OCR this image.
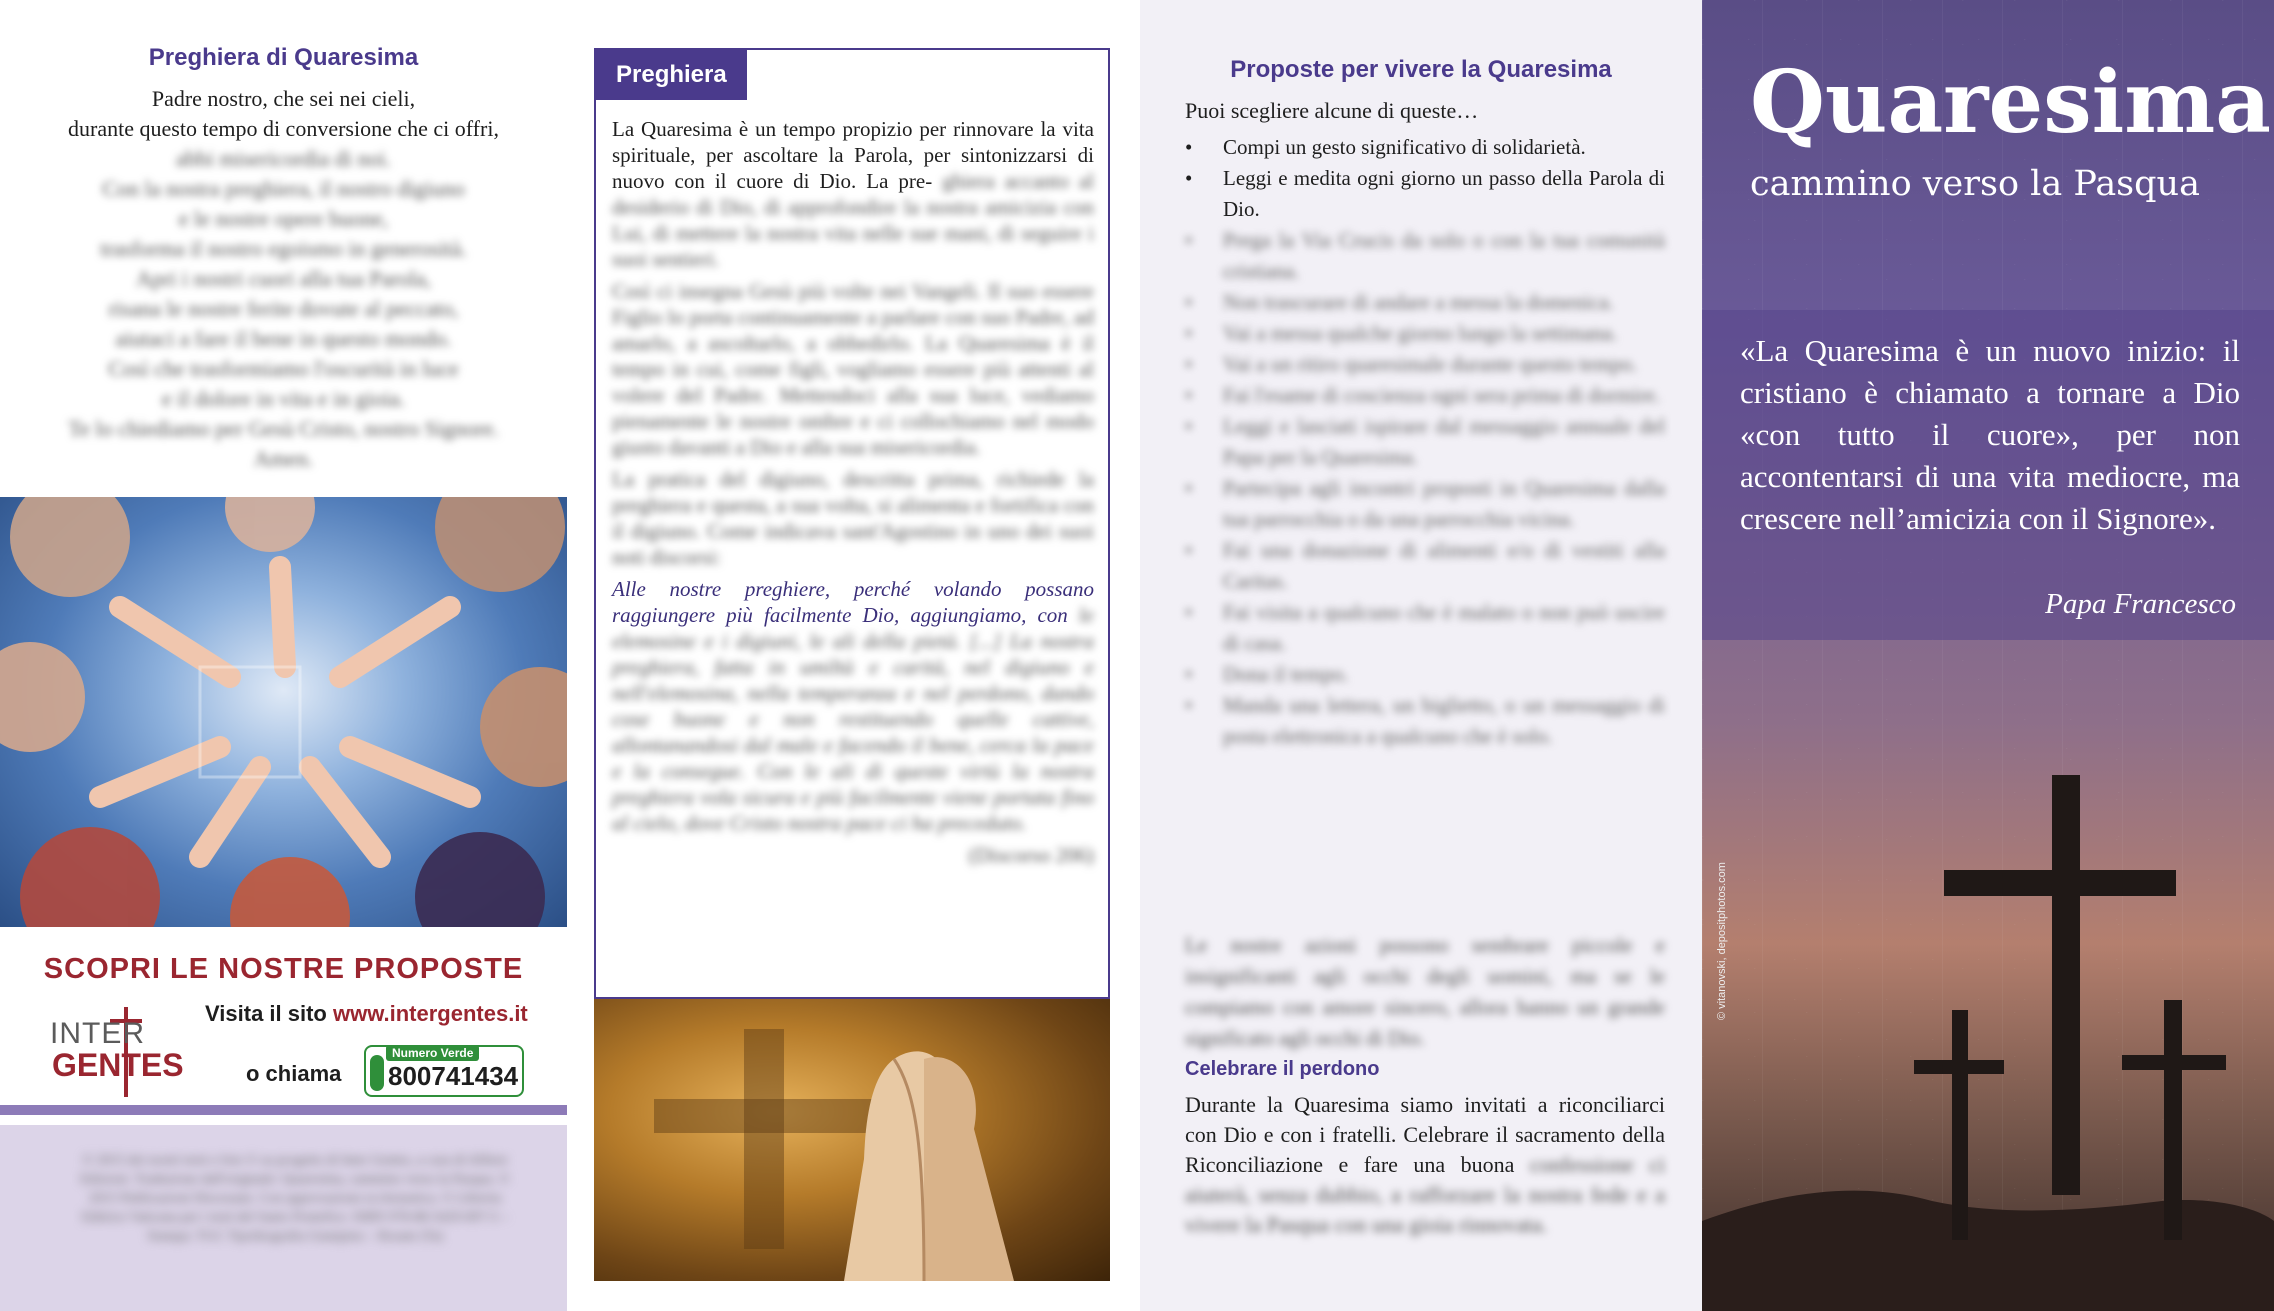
Preghiera di Quaresima
Padre nostro, che sei nei cieli,
durante questo tempo di conversione che ci offri,
abbi misericordia di noi.
Con la nostra preghiera, il nostro digiuno
e le nostre opere buone,
trasforma il nostro egoismo in generosità.
Apri i nostri cuori alla tua Parola,
risana le nostre ferite dovute al peccato,
aiutaci a fare il bene in questo mondo.
Così che trasformiamo l'oscurità in luce
e il dolore in vita e in gioia.
Te lo chiediamo per Gesù Cristo, nostro Signore.
Amen.
SCOPRI LE NOSTRE PROPOSTE
Visita il sito www.intergentes.it
INTER
GENTES	o chiama
Numero Verde
800741434
© 2015 dei nostri testi e foto © su progetto di Inter Gentes, a cura di Alfiere Edizioni. Traduzione dall'originale: Quaresima, cammino verso la Pasqua. © 2015 Publicazioni Diocesane. Con approvazione ecclesiastica. © Libreria Editrice Vaticana per i testi del Santo Pontefice. ISBN 978-88-5429-097-5 – Stampa: TGC Tipolitografia Gianipino – Rosate (Ta)
Preghiera

La Quaresima è un tempo propizio per rinnovare la vita spirituale, per ascoltare la Parola, per sintonizzarsi di nuovo con il cuore di Dio. La pre- ghiera accanto al desiderio di Dio, di approfondire la nostra amicizia con Lui, di mettere la nostra vita nelle sue mani, di seguire i suoi sentieri.

Così ci insegna Gesù più volte nei Vangeli. Il suo essere Figlio lo porta continuamente a parlare con suo Padre, ad amarlo, a ascoltarlo, a obbedirlo. La Quaresima è il tempo in cui, come figli, vogliamo essere più attenti al volere del Padre. Mettendoci alla sua luce, vediamo pienamente le nostre ombre e ci collochiamo nel modo giusto davanti a Dio e alla sua misericordia.

La pratica del digiuno, descritta prima, richiede la preghiera e questa, a sua volta, si alimenta e fortifica con il digiuno. Come indicava sant'Agostino in uno dei suoi noti discorsi:

Alle nostre preghiere, perché volando possano raggiungere più facilmente Dio, aggiungiamo, con le elemosine e i digiuni, le ali della pietà. [...] La nostra preghiera, fatta in umiltà e carità, nel digiuno e nell'elemosina, nella temperanza e nel perdono, dando cose buone e non restituendo quelle cattive, allontanandosi dal male e facendo il bene, cerca la pace e la consegue. Con le ali di queste virtù la nostra preghiera vola sicura e più facilmente viene portata fino al cielo, dove Cristo nostra pace ci ha preceduto.

(Discorso 206)

Proposte per vivere la Quaresima
Puoi scegliere alcune di queste…
• Compi un gesto significativo di solidarietà.
• Leggi e medita ogni giorno un passo della Parola di Dio.
• Prega la Via Crucis da solo o con la tua comunità cristiana.
• Non trascurare di andare a messa la domenica.
• Vai a messa qualche giorno lungo la settimana.
• Vai a un ritiro quaresimale durante questo tempo.
• Fai l'esame di coscienza ogni sera prima di dormire.
• Leggi e lasciati ispirare dal messaggio annuale del Papa per la Quaresima.
• Partecipa agli incontri proposti in Quaresima dalla tua parrocchia o da una parrocchia vicina.
• Fai una donazione di alimenti e/o di vestiti alla Caritas.
• Fai visita a qualcuno che è malato o non può uscire di casa.
• Dona il tempo.
• Manda una lettera, un biglietto, o un messaggio di posta elettronica a qualcuno che è solo.

Le nostre azioni possono sembrare piccole e insignificanti agli occhi degli uomini, ma se le compiamo con amore sincero, allora hanno un grande significato agli occhi di Dio.

Celebrare il perdono

Durante la Quaresima siamo invitati a riconciliarci con Dio e con i fratelli. Celebrare il sacramento della Riconciliazione e fare una buona confessione ci aiuterà, senza dubbio, a rafforzare la nostra fede e a vivere la Pasqua con una gioia rinnovata.

Quaresima
cammino verso la Pasqua
«La Quaresima è un nuovo inizio: il cristiano è chiamato a tornare a Dio «con tutto il cuore», per non accontentarsi di una vita mediocre, ma crescere nell’amicizia con il Signore».
Papa Francesco
© vitanovski, depositphotos.com
